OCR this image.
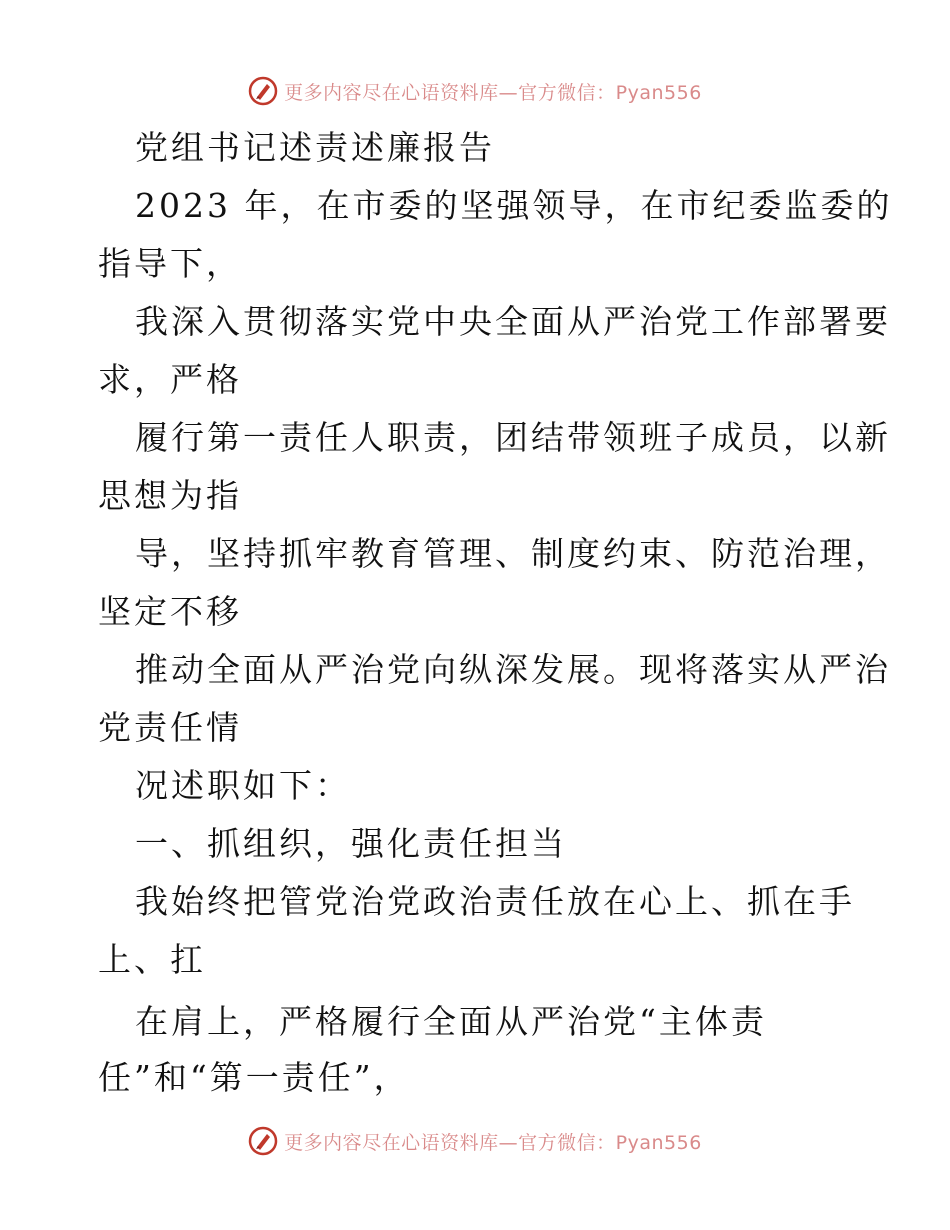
更多内容尽在心语资料库—官方微信：Pyan556
党组书记述责述廉报告
2023 年，在市委的坚强领导，在市纪委监委的
指导下，
我深入贯彻落实党中央全面从严治党工作部署要
求，严格
履行第一责任人职责，团结带领班子成员，以新
思想为指
导，坚持抓牢教育管理、制度约束、防范治理，
坚定不移
推动全面从严治党向纵深发展。现将落实从严治
党责任情
况述职如下：
一、抓组织，强化责任担当
我始终把管党治党政治责任放在心上、抓在手
上、扛
在肩上，严格履行全面从严治党“主体责
任”和“第一责任”，
更多内容尽在心语资料库—官方微信：Pyan556
